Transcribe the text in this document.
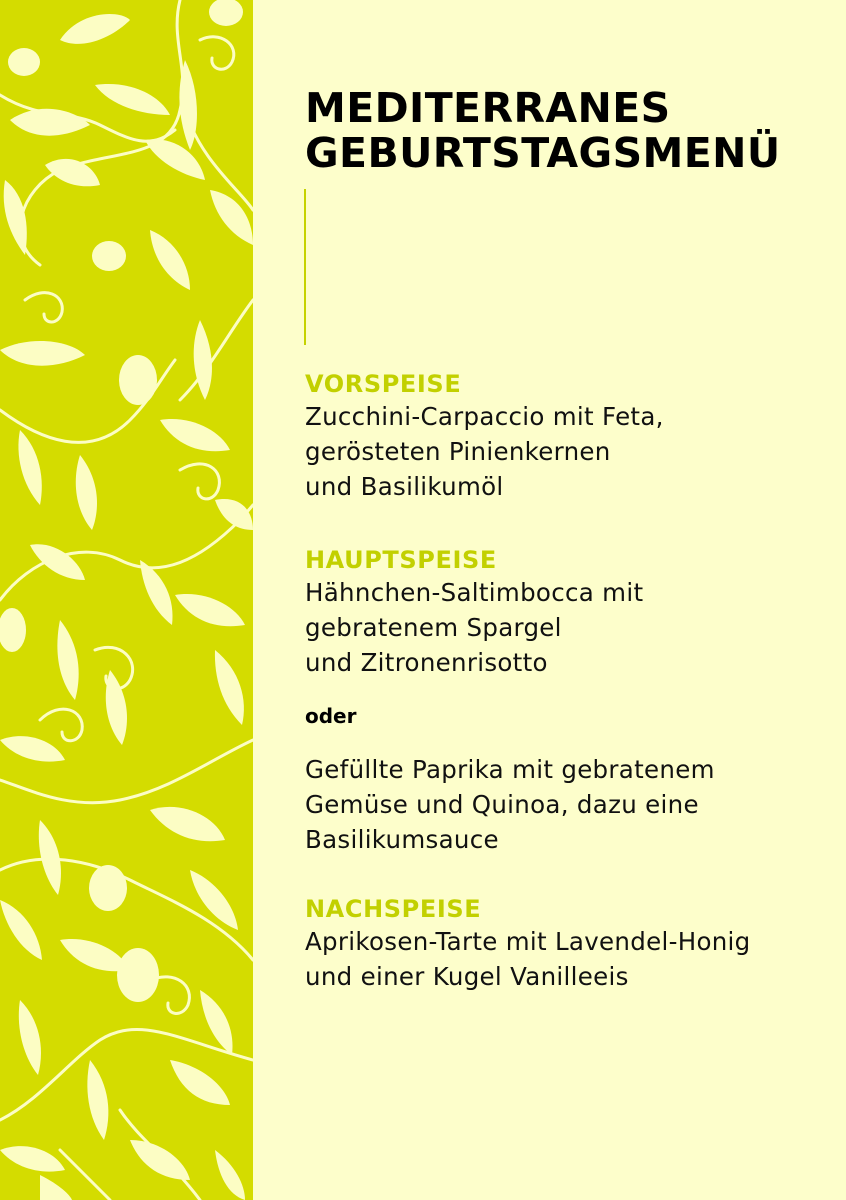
MEDITERRANES
GEBURTSTAGSMENÜ
VORSPEISE
Zucchini-Carpaccio mit Feta,
gerösteten Pinienkernen
und Basilikumöl
HAUPTSPEISE
Hähnchen-Saltimbocca mit
gebratenem Spargel
und Zitronenrisotto
oder
Gefüllte Paprika mit gebratenem
Gemüse und Quinoa, dazu eine
Basilikumsauce
NACHSPEISE
Aprikosen-Tarte mit Lavendel-Honig
und einer Kugel Vanilleeis
